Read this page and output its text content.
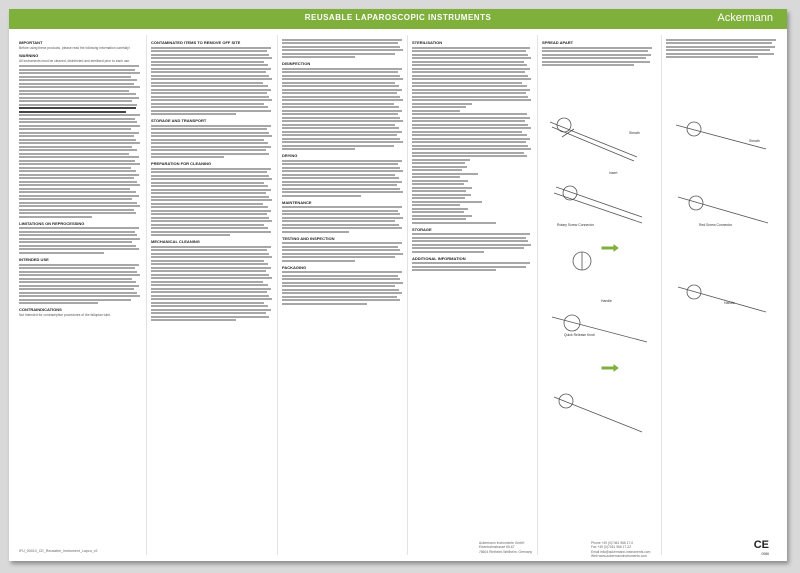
REUSABLE LAPAROSCOPIC INSTRUMENTS	Ackermann
IMPORTANT

Before using these products, please read the following information carefully!

WARNING

All instruments must be cleaned, disinfected and sterilised prior to each use.

LIMITATIONS ON REPROCESSING
INTENDED USE
CONTRAINDICATIONS

Not intended for contraceptive procedures of the fallopian tube.

CONTAMINATED ITEMS TO REMOVE OFF SITE
STORAGE AND TRANSPORT
PREPARATION FOR CLEANING
MECHANICAL CLEANING
DISINFECTION
DRYING
MAINTENANCE
TESTING AND INSPECTION
PACKAGING
STERILISATION
STORAGE
ADDITIONAL INFORMATION
SPREAD APART
Sheath
Insert
Rotary Screw Connector
Quick Release Knob
Handle
Red Screw Connector
Sheath
Handle
IFU_00010_CE_Reusable_Instrument_Lapco_v2
Ackermann Instrumente GmbH
Eisenbahnstrasse 65-67
78604 Rietheim-Weilheim, Germany
Phone +49 (0)7461 966 17-0
Fax +49 (0)7461 966 17-22
Email info@ackermann-instruments.com
Web www.ackermanninstruments.com
CE
0086
